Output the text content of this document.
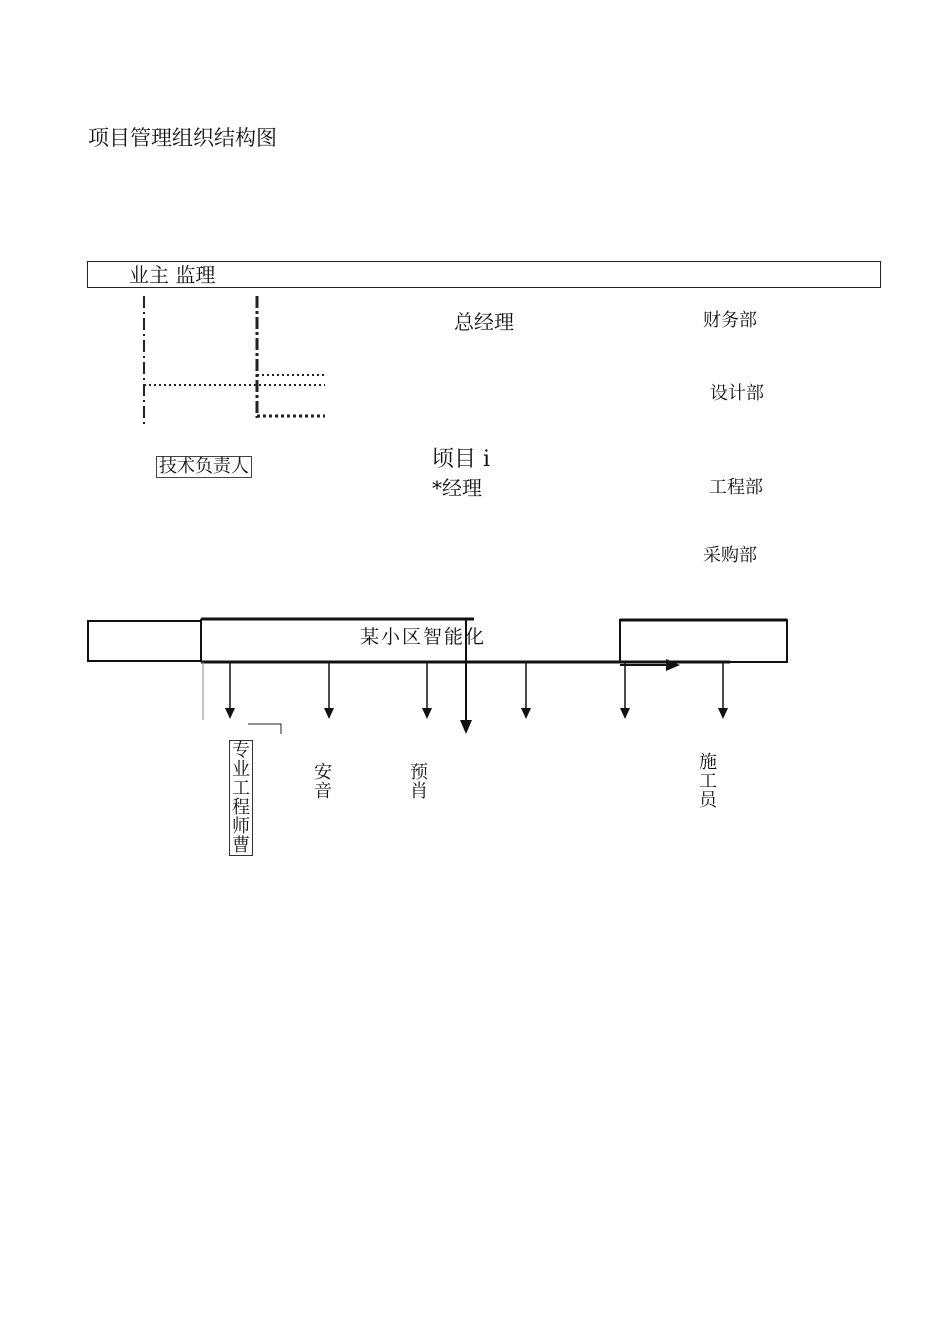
项目管理组织结构图
业主 监理
总经理	财务部
设计部
工程部
采购部
技术负责人	顷目 i
*经理
某小区智能化
专业工程师曹
安音
预肖
施工员
